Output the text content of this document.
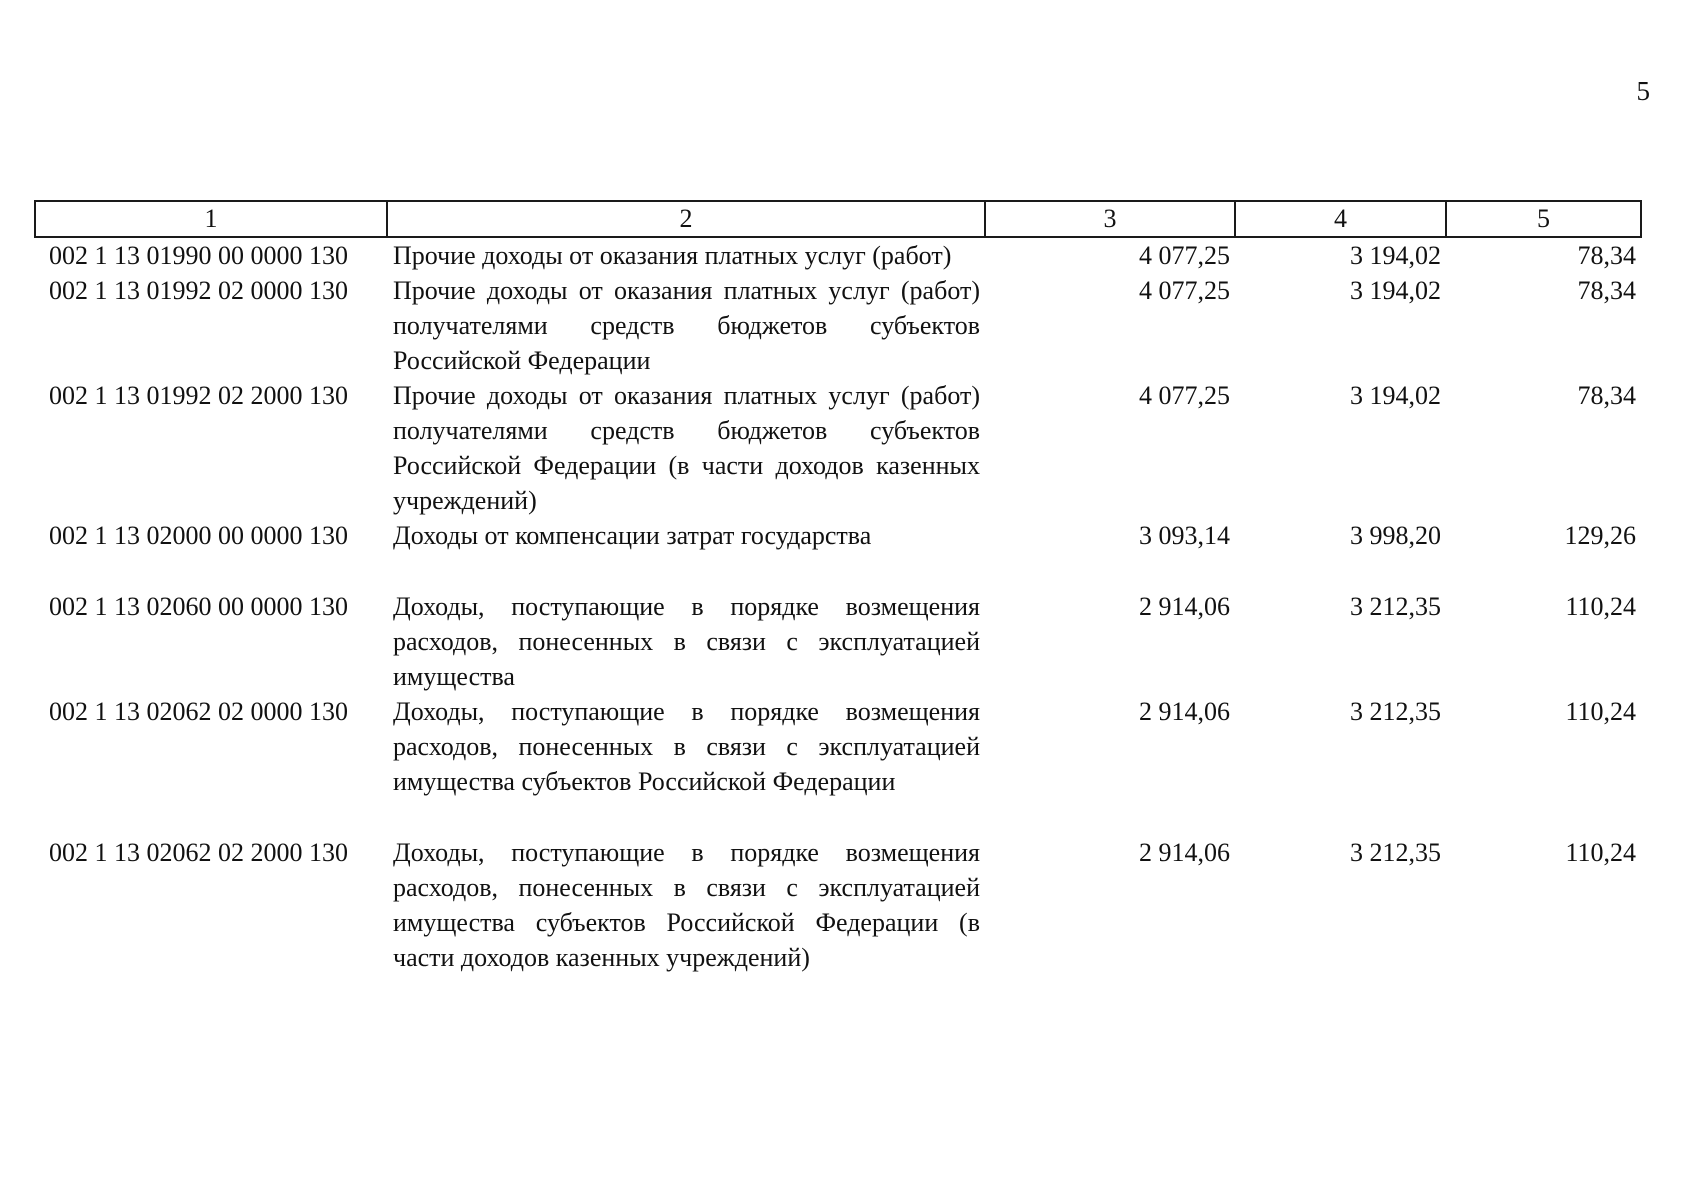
5
1	2	3	4	5
002 1 13 01990 00 0000 130	Прочие доходы от оказания платных услуг (работ)	4 077,25	3 194,02	78,34
002 1 13 01992 02 0000 130	Прочие доходы от оказания платных услуг (работ) получателями средств бюджетов субъектов Российской Федерации	4 077,25	3 194,02	78,34
002 1 13 01992 02 2000 130	Прочие доходы от оказания платных услуг (работ) получателями средств бюджетов субъектов Российской Федерации (в части доходов казенных учреждений)	4 077,25	3 194,02	78,34
002 1 13 02000 00 0000 130	Доходы от компенсации затрат государства	3 093,14	3 998,20	129,26
002 1 13 02060 00 0000 130	Доходы, поступающие в порядке возмещения расходов, понесенных в связи с эксплуатацией имущества	2 914,06	3 212,35	110,24
002 1 13 02062 02 0000 130	Доходы, поступающие в порядке возмещения расходов, понесенных в связи с эксплуатацией имущества субъектов Российской Федерации	2 914,06	3 212,35	110,24
002 1 13 02062 02 2000 130	Доходы, поступающие в порядке возмещения расходов, понесенных в связи с эксплуатацией имущества субъектов Российской Федерации (в части доходов казенных учреждений)	2 914,06	3 212,35	110,24
